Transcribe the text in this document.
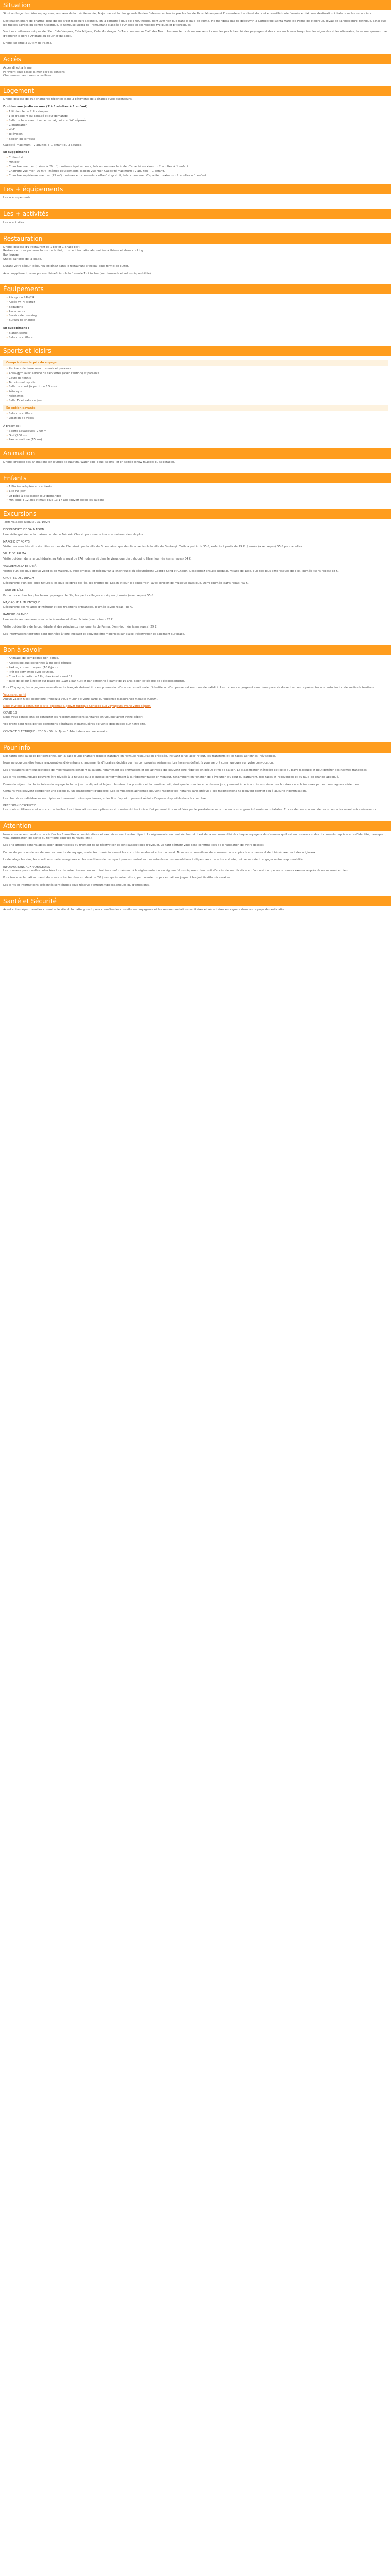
Situation

Situé au large des côtes espagnoles, au cœur de la méditerranée, Majorque est la plus grande île des Baléares, entourée par les îles de Ibiza, Minorque et Formentera. Le climat doux et ensoleillé toute l'année en fait une destination idéale pour les vacanciers.

Destination phare de charme, plus qu'elle s'est d'ailleurs agrandie, on la compte à plus de 3 000 hôtels, dont 300 rien que dans la baie de Palma. Ne manquez pas de découvrir la Cathédrale Santa Maria de Palma de Majorque, joyau de l'architecture gothique, ainsi que les ruelles pavées du centre historique, la fameuse Sierra de Tramuntana classée à l'Unesco et ses villages typiques et pittoresques.

Voici les meilleures criques de l'île : Cala Varques, Cala Mitjana, Cala Mondragó, Es Trenc ou encore Caló des Moro. Les amateurs de nature seront comblés par la beauté des paysages et des vues sur la mer turquoise, les vignobles et les oliveraies, ils ne manqueront pas d'admirer le port d'Andratx au coucher du soleil.

L'hôtel se situe à 30 km de Palma.

Accès

Accès direct à la mer

Paravent sous casse la mer par les pontons

Chaussures nautiques conseillées

Logement

L'hôtel dispose de 364 chambres réparties dans 3 bâtiments de 5 étages avec ascenseurs.

Doubles vue jardin ou mer (2 à 3 adultes + 1 enfant) :
• 1 lit double ou 2 lits simples
• 1 lit d'appoint ou canapé-lit sur demande
• Salle de bain avec douche ou baignoire et WC séparés
• Climatisation
• Wi-Fi
• Télévision
• Balcon ou terrasse

Capacité maximum : 2 adultes + 1 enfant ou 3 adultes.

En supplément :
• Coffre-fort
• Minibar
• Chambre vue mer (même à 20 m²) : mêmes équipements, balcon vue mer latérale. Capacité maximum : 2 adultes + 1 enfant.
• Chambre vue mer (20 m²) : mêmes équipements, balcon vue mer. Capacité maximum : 2 adultes + 1 enfant.
• Chambre supérieure vue mer (25 m²) : mêmes équipements, coffre-fort gratuit, balcon vue mer. Capacité maximum : 2 adultes + 1 enfant.
Les + équipements

Les + équipements

Les + activités

Les + activités

Restauration

L'hôtel dispose d'1 restaurant et 1 bar et 1 snack bar :

Restaurant principal sous forme de buffet, cuisine internationale, soirées à thème et show cooking.

Bar lounge

Snack-bar près de la plage.

Durant votre séjour, déjeunez et dînez dans le restaurant principal sous forme de buffet.

Avec supplément, vous pourrez bénéficier de la formule Tout inclus (sur demande et selon disponibilité).

Équipements
• Réception 24h/24
• Accès Wi-Fi gratuit
• Bagagerie
• Ascenseurs
• Service de pressing
• Bureau de change
En supplément :
• Blanchisserie
• Salon de coiffure
Sports et loisirs
Compris dans le prix du voyage
• Piscine extérieure avec transats et parasols
• Aqua-gym avec service de serviettes (avec caution) et parasols
• Cours de tennis
• Terrain multisports
• Salle de sport (à partir de 16 ans)
• Pétanque
• Fléchettes
• Salle TV et salle de jeux
En option payante
• Salon de coiffure
• Location de vélos
À proximité :
• Sports aquatiques (2.00 m)
• Golf (700 m)
• Parc aquatique (15 km)
Animation

L'hôtel propose des animations en journée (aquagym, water-polo, jeux, sports) et en soirée (show musical ou spectacle).

Enfants
• 1 Piscine adaptée aux enfants
• Aire de jeux
• Lit bébé à disposition (sur demande)
• Mini club 4-12 ans et maxi club 13-17 ans (ouvert selon les saisons)
Excursions

Tarifs valables jusqu'au 31/10/24

DÉCOUVERTE DE SA MAISON

Une visite guidée de la maison natale de Frédéric Chopin pour rencontrer son univers, rien de plus.

MARCHÉ ET PORTS

Visite des marchés et ports pittoresques de l'île, ainsi que la ville de Sineu, ainsi que de découverte de la ville de Santanyi. Tarifs à partir de 35 €, enfants à partir de 19 €. Journée (avec repas) 55 € pour adultes.

VILLE DE PALMA

Visite guidée : dans la cathédrale, au Palais royal de l'Almudaina et dans le vieux quartier, shopping libre. Journée (sans repas) 34 €.

VALLDEMOSSA ET DEIÀ

Visitez l'un des plus beaux villages de Majorque, Valldemossa, et découvrez la chartreuse où séjournèrent George Sand et Chopin. Descendez ensuite jusqu'au village de Deià, l'un des plus pittoresques de l'île. Journée (sans repas) 38 €.

GROTTES DEL DRACH

Découverte d'un des sites naturels les plus célèbres de l'île, les grottes del Drach et leur lac souterrain, avec concert de musique classique. Demi-journée (sans repas) 40 €.

TOUR DE L'ÎLE

Parcourez en bus les plus beaux paysages de l'île, les petits villages et criques. Journée (avec repas) 55 €.

MAJORQUE AUTHENTIQUE

Découverte des villages d'intérieur et des traditions artisanales. Journée (avec repas) 48 €.

RANCHO GRANDE

Une soirée animée avec spectacle équestre et dîner. Soirée (avec dîner) 52 €.

Visite guidée libre de la cathédrale et des principaux monuments de Palma. Demi-journée (sans repas) 29 €.

Les informations tarifaires sont données à titre indicatif et peuvent être modifiées sur place. Réservation et paiement sur place.

Bon à savoir
• Animaux de compagnie non admis.
• Accessible aux personnes à mobilité réduite.
• Parking couvert payant (10 €/jour).
• Prêt de serviettes avec caution.
• Check-in à partir de 14h, check-out avant 12h.
• Taxe de séjour à régler sur place (de 1,10 € par nuit et par personne à partir de 16 ans, selon catégorie de l'établissement).

Pour l'Espagne, les voyageurs ressortissants français doivent être en possession d'une carte nationale d'identité ou d'un passeport en cours de validité. Les mineurs voyageant sans leurs parents doivent en outre présenter une autorisation de sortie de territoire.

Vaccins et santé

Aucun vaccin n'est obligatoire. Pensez à vous munir de votre carte européenne d'assurance maladie (CEAM).

Nous invitons à consulter le site diplomatie.gouv.fr rubrique Conseils aux voyageurs avant votre départ.

COVID-19

Nous vous conseillons de consulter les recommandations sanitaires en vigueur avant votre départ.

Vos droits sont régis par les conditions générales et particulières de vente disponibles sur notre site.

CONTACT ÉLECTRIQUE : 230 V · 50 Hz. Type F. Adaptateur non nécessaire.

Pour info

Nos tarifs sont calculés par personne, sur la base d'une chambre double standard en formule restauration précisée, incluant le vol aller-retour, les transferts et les taxes aériennes (révisables).

Nous ne pouvons être tenus responsables d'éventuels changements d'horaires décidés par les compagnies aériennes. Les horaires définitifs vous seront communiqués sur votre convocation.

Les prestations sont susceptibles de modifications pendant la saison, notamment les animations et les activités qui peuvent être réduites en début et fin de saison. La classification hôtelière est celle du pays d'accueil et peut différer des normes françaises.

Les tarifs communiqués peuvent être révisés à la hausse ou à la baisse conformément à la réglementation en vigueur, notamment en fonction de l'évolution du coût du carburant, des taxes et redevances et du taux de change appliqué.

Durée du séjour : la durée totale du voyage inclut le jour de départ et le jour de retour. La première et la dernière nuit, ainsi que le premier et le dernier jour, peuvent être écourtés en raison des horaires de vols imposés par les compagnies aériennes.

Certains vols peuvent comporter une escale ou un changement d'appareil. Les compagnies aériennes peuvent modifier les horaires sans préavis ; ces modifications ne peuvent donner lieu à aucune indemnisation.

Les chambres individuelles ou triples sont souvent moins spacieuses, et les lits d'appoint peuvent réduire l'espace disponible dans la chambre.

PRÉCISION DESCRIPTIF

Les photos utilisées sont non contractuelles. Les informations descriptives sont données à titre indicatif et peuvent être modifiées par le prestataire sans que nous en soyons informés au préalable. En cas de doute, merci de nous contacter avant votre réservation.

Attention

Nous vous recommandons de vérifier les formalités administratives et sanitaires avant votre départ. La réglementation peut évoluer et il est de la responsabilité de chaque voyageur de s'assurer qu'il est en possession des documents requis (carte d'identité, passeport, visa, autorisation de sortie du territoire pour les mineurs, etc.).

Les prix affichés sont valables selon disponibilités au moment de la réservation et sont susceptibles d'évoluer. Le tarif définitif vous sera confirmé lors de la validation de votre dossier.

En cas de perte ou de vol de vos documents de voyage, contactez immédiatement les autorités locales et votre consulat. Nous vous conseillons de conserver une copie de vos pièces d'identité séparément des originaux.

Le décalage horaire, les conditions météorologiques et les conditions de transport peuvent entraîner des retards ou des annulations indépendants de notre volonté, qui ne sauraient engager notre responsabilité.

INFORMATIONS AUX VOYAGEURS

Les données personnelles collectées lors de votre réservation sont traitées conformément à la réglementation en vigueur. Vous disposez d'un droit d'accès, de rectification et d'opposition que vous pouvez exercer auprès de notre service client.

Pour toute réclamation, merci de nous contacter dans un délai de 30 jours après votre retour, par courrier ou par e-mail, en joignant les justificatifs nécessaires.

Les tarifs et informations présentés sont établis sous réserve d'erreurs typographiques ou d'omissions.

Santé et Sécurité

Avant votre départ, veuillez consulter le site diplomatie.gouv.fr pour connaître les conseils aux voyageurs et les recommandations sanitaires et sécuritaires en vigueur dans votre pays de destination.
